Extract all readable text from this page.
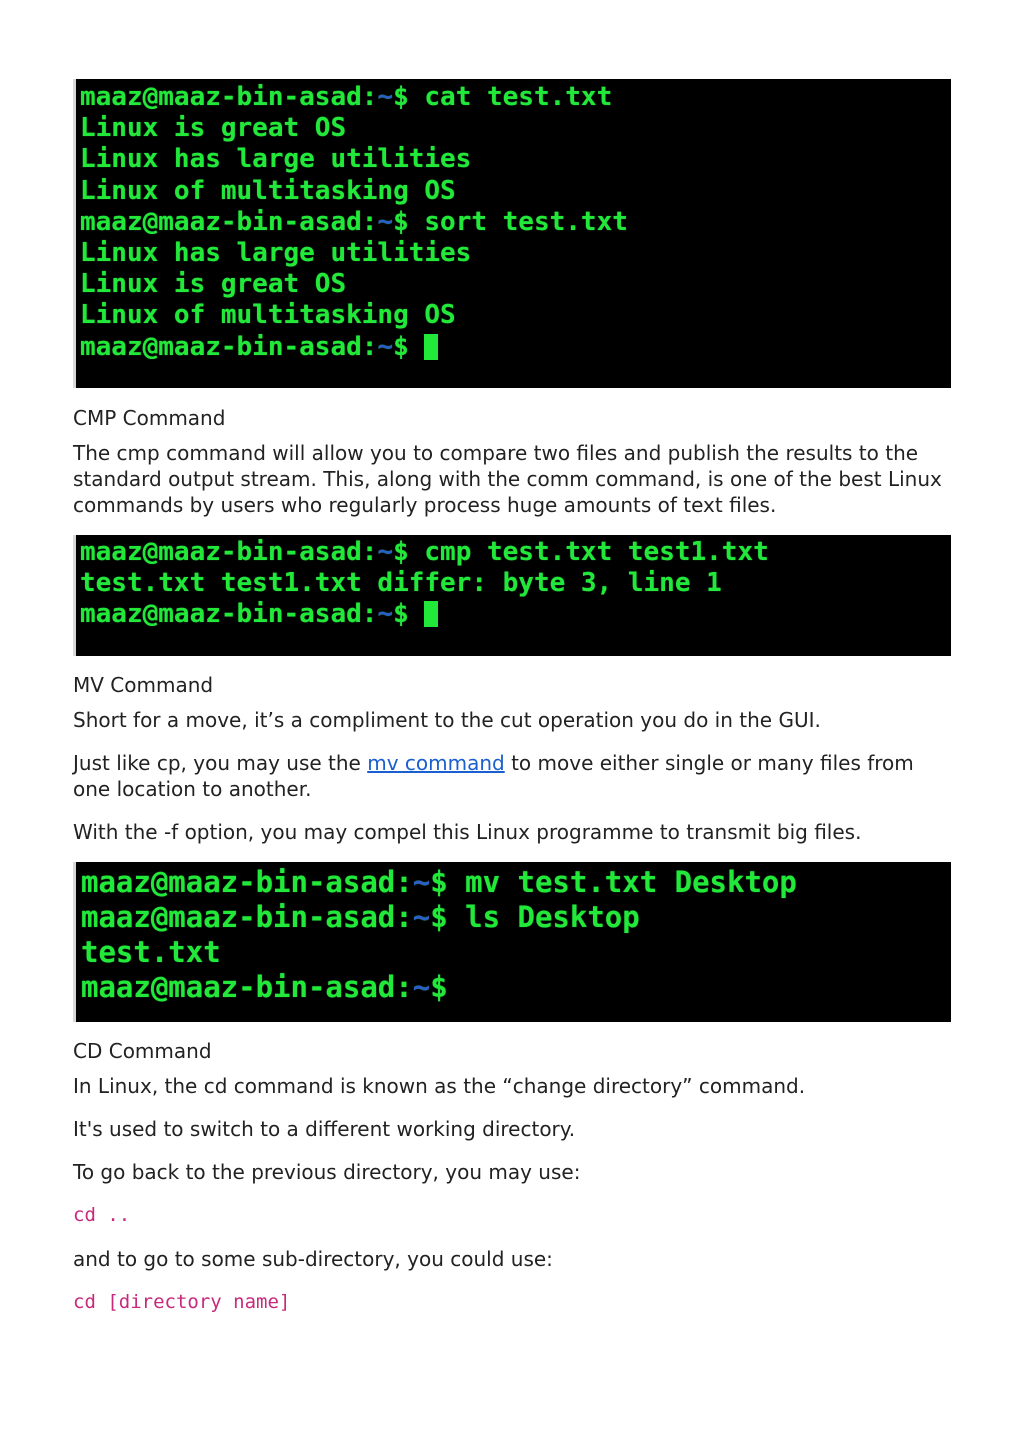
maaz@maaz-bin-asad:~$ cat test.txt
Linux is great OS
Linux has large utilities
Linux of multitasking OS
maaz@maaz-bin-asad:~$ sort test.txt
Linux has large utilities
Linux is great OS
Linux of multitasking OS
maaz@maaz-bin-asad:~$
CMP Command

The cmp command will allow you to compare two files and publish the results to the standard output stream. This, along with the comm command, is one of the best Linux commands by users who regularly process huge amounts of text files.

maaz@maaz-bin-asad:~$ cmp test.txt test1.txt
test.txt test1.txt differ: byte 3, line 1
maaz@maaz-bin-asad:~$
MV Command

Short for a move, it’s a compliment to the cut operation you do in the GUI.

Just like cp, you may use the mv command to move either single or many files from one location to another.

With the -f option, you may compel this Linux programme to transmit big files.

maaz@maaz-bin-asad:~$ mv test.txt Desktop
maaz@maaz-bin-asad:~$ ls Desktop
test.txt
maaz@maaz-bin-asad:~$
CD Command

In Linux, the cd command is known as the “change directory” command.

It's used to switch to a different working directory.

To go back to the previous directory, you may use:

cd ..

and to go to some sub-directory, you could use:

cd [directory name]
